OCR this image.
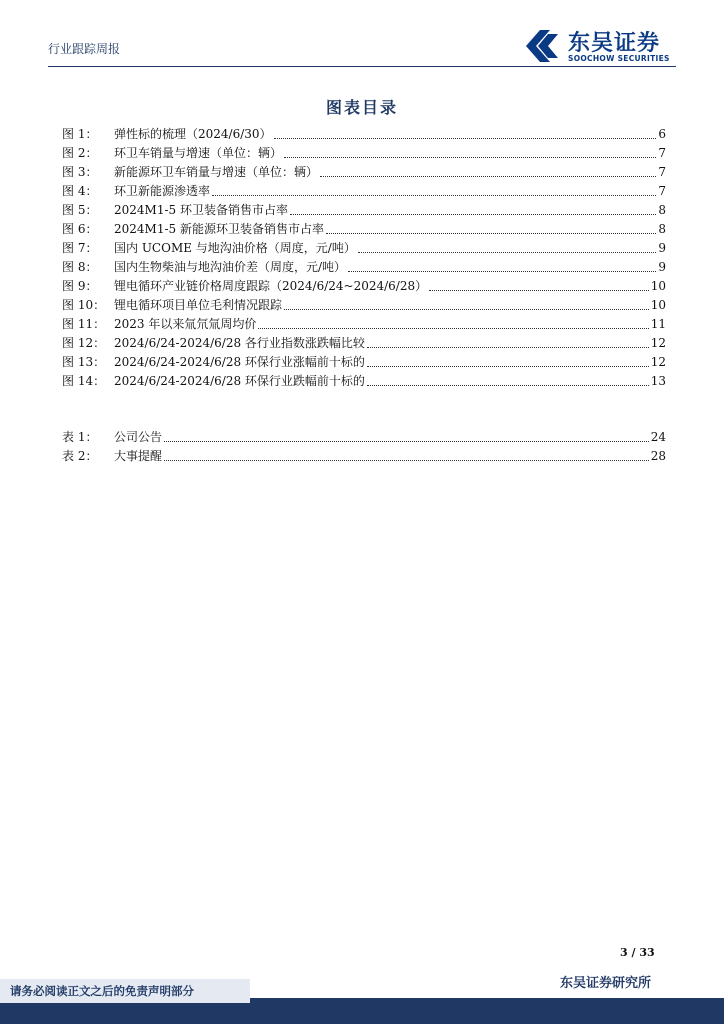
行业跟踪周报	东吴证券
SOOCHOW SECURITIES
图表目录
图 1：	弹性标的梳理（2024/6/30）	6
图 2：	环卫车销量与增速（单位：辆）	7
图 3：	新能源环卫车销量与增速（单位：辆）	7
图 4：	环卫新能源渗透率	7
图 5：	2024M1-5 环卫装备销售市占率	8
图 6：	2024M1-5 新能源环卫装备销售市占率	8
图 7：	国内 UCOME 与地沟油价格（周度，元/吨）	9
图 8：	国内生物柴油与地沟油价差（周度，元/吨）	9
图 9：	锂电循环产业链价格周度跟踪（2024/6/24~2024/6/28）	10
图 10： 锂电循环项目单位毛利情况跟踪	10
图 11： 2023 年以来氚氘氚周均价	11
图 12： 2024/6/24-2024/6/28 各行业指数涨跌幅比较	12
图 13： 2024/6/24-2024/6/28 环保行业涨幅前十标的	12
图 14： 2024/6/24-2024/6/28 环保行业跌幅前十标的	13
表 1：	公司公告	24
表 2：	大事提醒	28
3 / 33
东吴证券研究所
请务必阅读正文之后的免责声明部分
